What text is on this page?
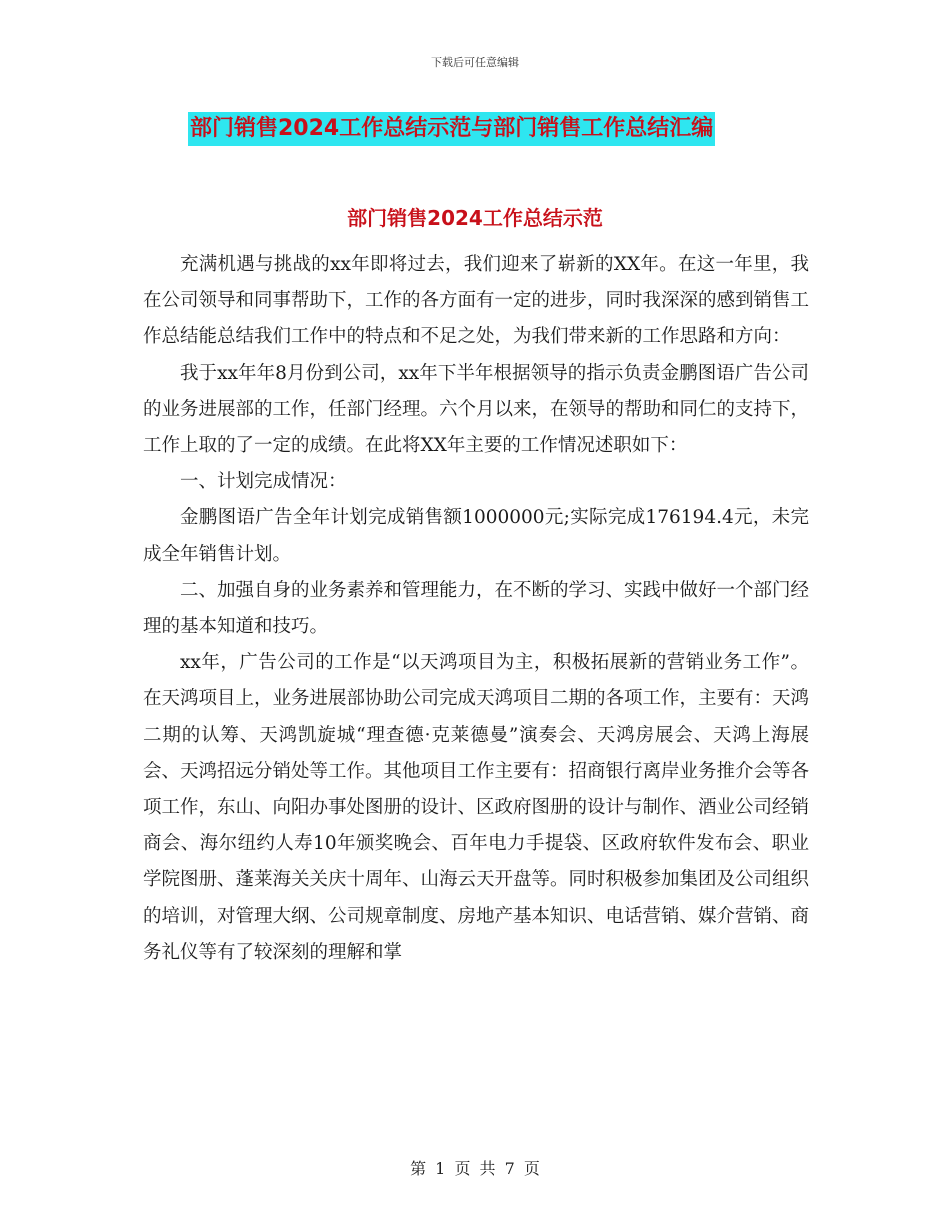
下载后可任意编辑
部门销售2024工作总结示范与部门销售工作总结汇编
部门销售2024工作总结示范

充满机遇与挑战的xx年即将过去，我们迎来了崭新的XX年。在这一年里，我在公司领导和同事帮助下，工作的各方面有一定的进步，同时我深深的感到销售工作总结能总结我们工作中的特点和不足之处，为我们带来新的工作思路和方向：

我于xx年年8月份到公司，xx年下半年根据领导的指示负责金鹏图语广告公司的业务进展部的工作，任部门经理。六个月以来，在领导的帮助和同仁的支持下，工作上取的了一定的成绩。在此将XX年主要的工作情况述职如下：

一、计划完成情况：

金鹏图语广告全年计划完成销售额1000000元;实际完成176194.4元，未完成全年销售计划。

二、加强自身的业务素养和管理能力，在不断的学习、实践中做好一个部门经理的基本知道和技巧。

xx年，广告公司的工作是“以天鸿项目为主，积极拓展新的营销业务工作”。在天鸿项目上，业务进展部协助公司完成天鸿项目二期的各项工作，主要有：天鸿二期的认筹、天鸿凯旋城“理查德·克莱德曼”演奏会、天鸿房展会、天鸿上海展会、天鸿招远分销处等工作。其他项目工作主要有：招商银行离岸业务推介会等各项工作，东山、向阳办事处图册的设计、区政府图册的设计与制作、酒业公司经销商会、海尔纽约人寿10年颁奖晚会、百年电力手提袋、区政府软件发布会、职业学院图册、蓬莱海关关庆十周年、山海云天开盘等。同时积极参加集团及公司组织的培训，对管理大纲、公司规章制度、房地产基本知识、电话营销、媒介营销、商务礼仪等有了较深刻的理解和掌

第 1 页 共 7 页
